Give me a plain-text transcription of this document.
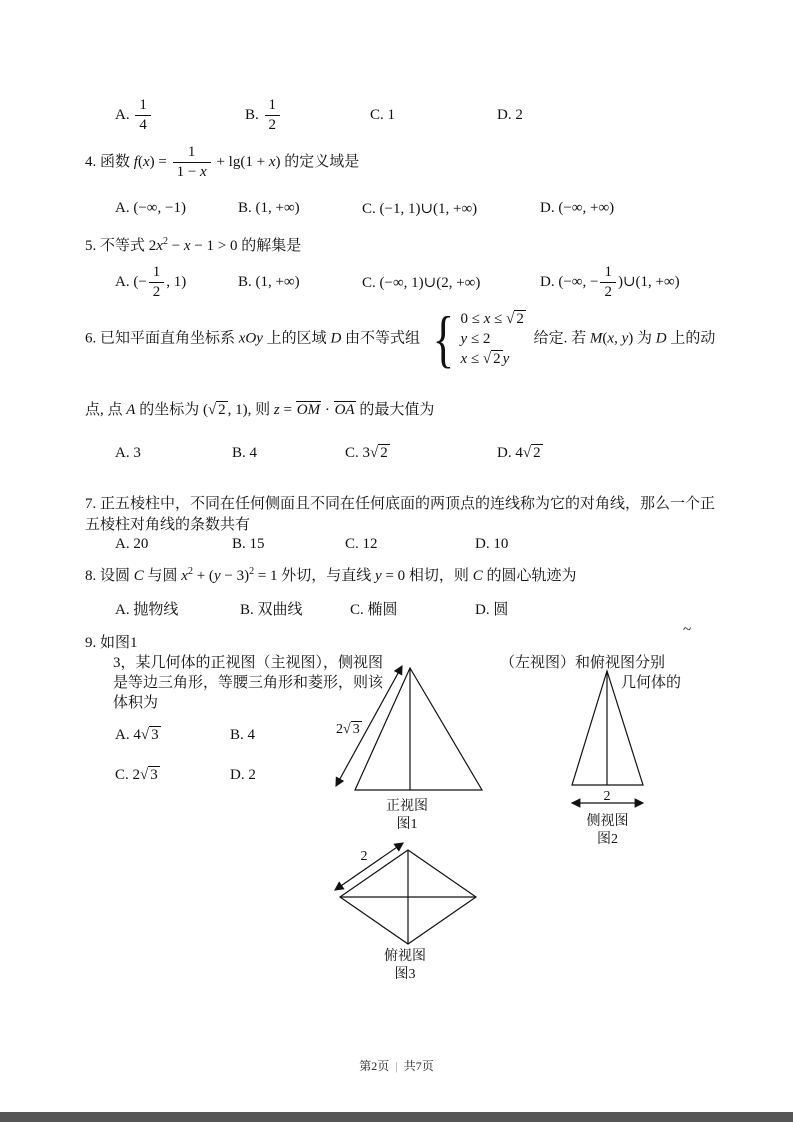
A. $\frac{1}{4}$	B. $\frac{1}{2}$	C. 1	D. 2
4. 函数 $f(x) = \frac{1}{1 - x} + \lg(1 + x)$ 的定义域是
A. (−∞, −1)	B. (1, +∞)	C. (−1, 1)∪(1, +∞)	D. (−∞, +∞)
5. 不等式 $2x^2 - x - 1 > 0$ 的解集是
A. (− $\frac{1}{2}$ , 1)	B. (1, +∞)	C. (−∞, 1)∪(2, +∞)	D. (−∞, − $\frac{1}{2}$ )∪(1, +∞)
6. 已知平面直角坐标系 xOy 上的区域 D 由不等式组 { 0 ≤ x ≤ √ 2
y ≤ 2
x ≤ √ 2 y
给定. 若 M(x, y) 为 D 上的动
点, 点 A 的坐标为 (√ 2 , 1), 则 z = OM · OA 的最大值为
A. 3	B. 4	C. 3√ 2	D. 4√ 2
7. 正五棱柱中，不同在任何侧面且不同在任何底面的两顶点的连线称为它的对角线，那么一个正
五棱柱对角线的条数共有
A. 20	B. 15	C. 12	D. 10
8. 设圆 C 与圆 $x^2 + (y - 3)^2 = 1$ 外切，与直线 y = 0 相切，则 C 的圆心轨迹为
A. 抛物线	B. 双曲线	C. 椭圆	D. 圆
9. 如图1
~
3，某几何体的正视图（主视图），侧视图
是等边三角形，等腰三角形和菱形，则该
体积为
（左视图）和俯视图分别
几何体的
A. 4√ 3	B. 4
C. 2√ 3	D. 2
2√ 3
正视图
图1
2
侧视图
图2
2
俯视图
图3
第2页 | 共7页
